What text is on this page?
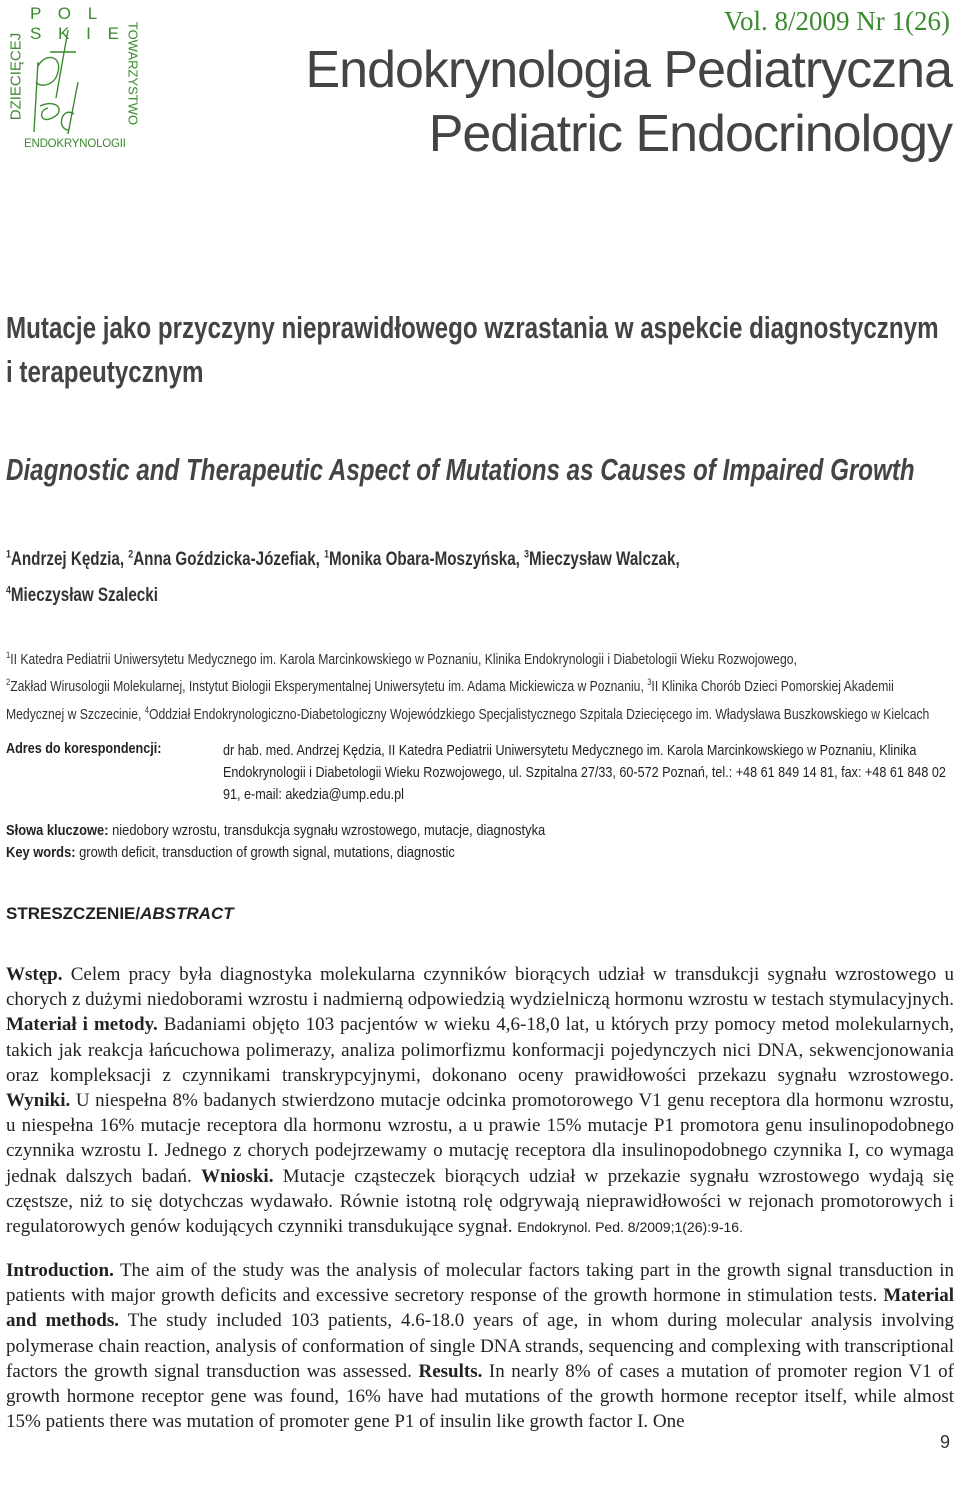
P O L S K I E
DZIECIĘCEJ	TOWARZYSTWO
ENDOKRYNOLOGII
Vol. 8/2009 Nr 1(26)
Endokrynologia Pediatryczna
Pediatric Endocrinology
Mutacje jako przyczyny nieprawidłowego wzrastania w aspekcie diagnostycznym i terapeutycznym
Diagnostic and Therapeutic Aspect of Mutations as Causes of Impaired Growth
$^1$Andrzej Kędzia, $^2$Anna Goździcka-Józefiak, $^1$Monika Obara-Moszyńska, $^3$Mieczysław Walczak,
$^4$Mieczysław Szalecki
$^1$II Katedra Pediatrii Uniwersytetu Medycznego im. Karola Marcinkowskiego w Poznaniu, Klinika Endokrynologii i Diabetologii Wieku Rozwojowego,
$^2$Zakład Wirusologii Molekularnej, Instytut Biologii Eksperymentalnej Uniwersytetu im. Adama Mickiewicza w Poznaniu, $^3$II Klinika Chorób Dzieci Pomorskiej Akademii Medycznej w Szczecinie, $^4$Oddział Endokrynologiczno-Diabetologiczny Wojewódzkiego Specjalistycznego Szpitala Dziecięcego im. Władysława Buszkowskiego w Kielcach
Adres do korespondencji:	dr hab. med. Andrzej Kędzia, II Katedra Pediatrii Uniwersytetu Medycznego im. Karola Marcinkowskiego w Poznaniu, Klinika Endokrynologii i Diabetologii Wieku Rozwojowego, ul. Szpitalna 27/33, 60-572 Poznań, tel.: +48 61 849 14 81, fax: +48 61 848 02 91, e-mail: akedzia@ump.edu.pl
Słowa kluczowe: niedobory wzrostu, transdukcja sygnału wzrostowego, mutacje, diagnostyka
Key words: growth deficit, transduction of growth signal, mutations, diagnostic
STRESZCZENIE/ABSTRACT
Wstęp. Celem pracy była diagnostyka molekularna czynników biorących udział w transdukcji sygnału wzrostowego u chorych z dużymi niedoborami wzrostu i nadmierną odpowiedzią wydzielniczą hormonu wzrostu w testach stymulacyjnych. Materiał i metody. Badaniami objęto 103 pacjentów w wieku 4,6-18,0 lat, u których przy pomocy metod molekularnych, takich jak reakcja łańcuchowa polimerazy, analiza polimorfizmu konformacji pojedynczych nici DNA, sekwencjonowania oraz kompleksacji z czynnikami transkrypcyjnymi, dokonano oceny prawidłowości przekazu sygnału wzrostowego. Wyniki. U niespełna 8% badanych stwierdzono mutacje odcinka promotorowego V1 genu receptora dla hormonu wzrostu, u niespełna 16% mutacje receptora dla hormonu wzrostu, a u prawie 15% mutacje P1 promotora genu insulinopodobnego czynnika wzrostu I. Jednego z chorych podejrzewamy o mutację receptora dla insulinopodobnego czynnika I, co wymaga jednak dalszych badań. Wnioski. Mutacje cząsteczek biorących udział w przekazie sygnału wzrostowego wydają się częstsze, niż to się dotychczas wydawało. Równie istotną rolę odgrywają nieprawidłowości w rejonach promotorowych i regulatorowych genów kodujących czynniki transdukujące sygnał. Endokrynol. Ped. 8/2009;1(26):9-16.
Introduction. The aim of the study was the analysis of molecular factors taking part in the growth signal transduction in patients with major growth deficits and excessive secretory response of the growth hormone in stimulation tests. Material and methods. The study included 103 patients, 4.6-18.0 years of age, in whom during molecular analysis involving polymerase chain reaction, analysis of conformation of single DNA strands, sequencing and complexing with transcriptional factors the growth signal transduction was assessed. Results. In nearly 8% of cases a mutation of promoter region V1 of growth hormone receptor gene was found, 16% have had mutations of the growth hormone receptor itself, while almost 15% patients there was mutation of promoter gene P1 of insulin like growth factor I. One
9
